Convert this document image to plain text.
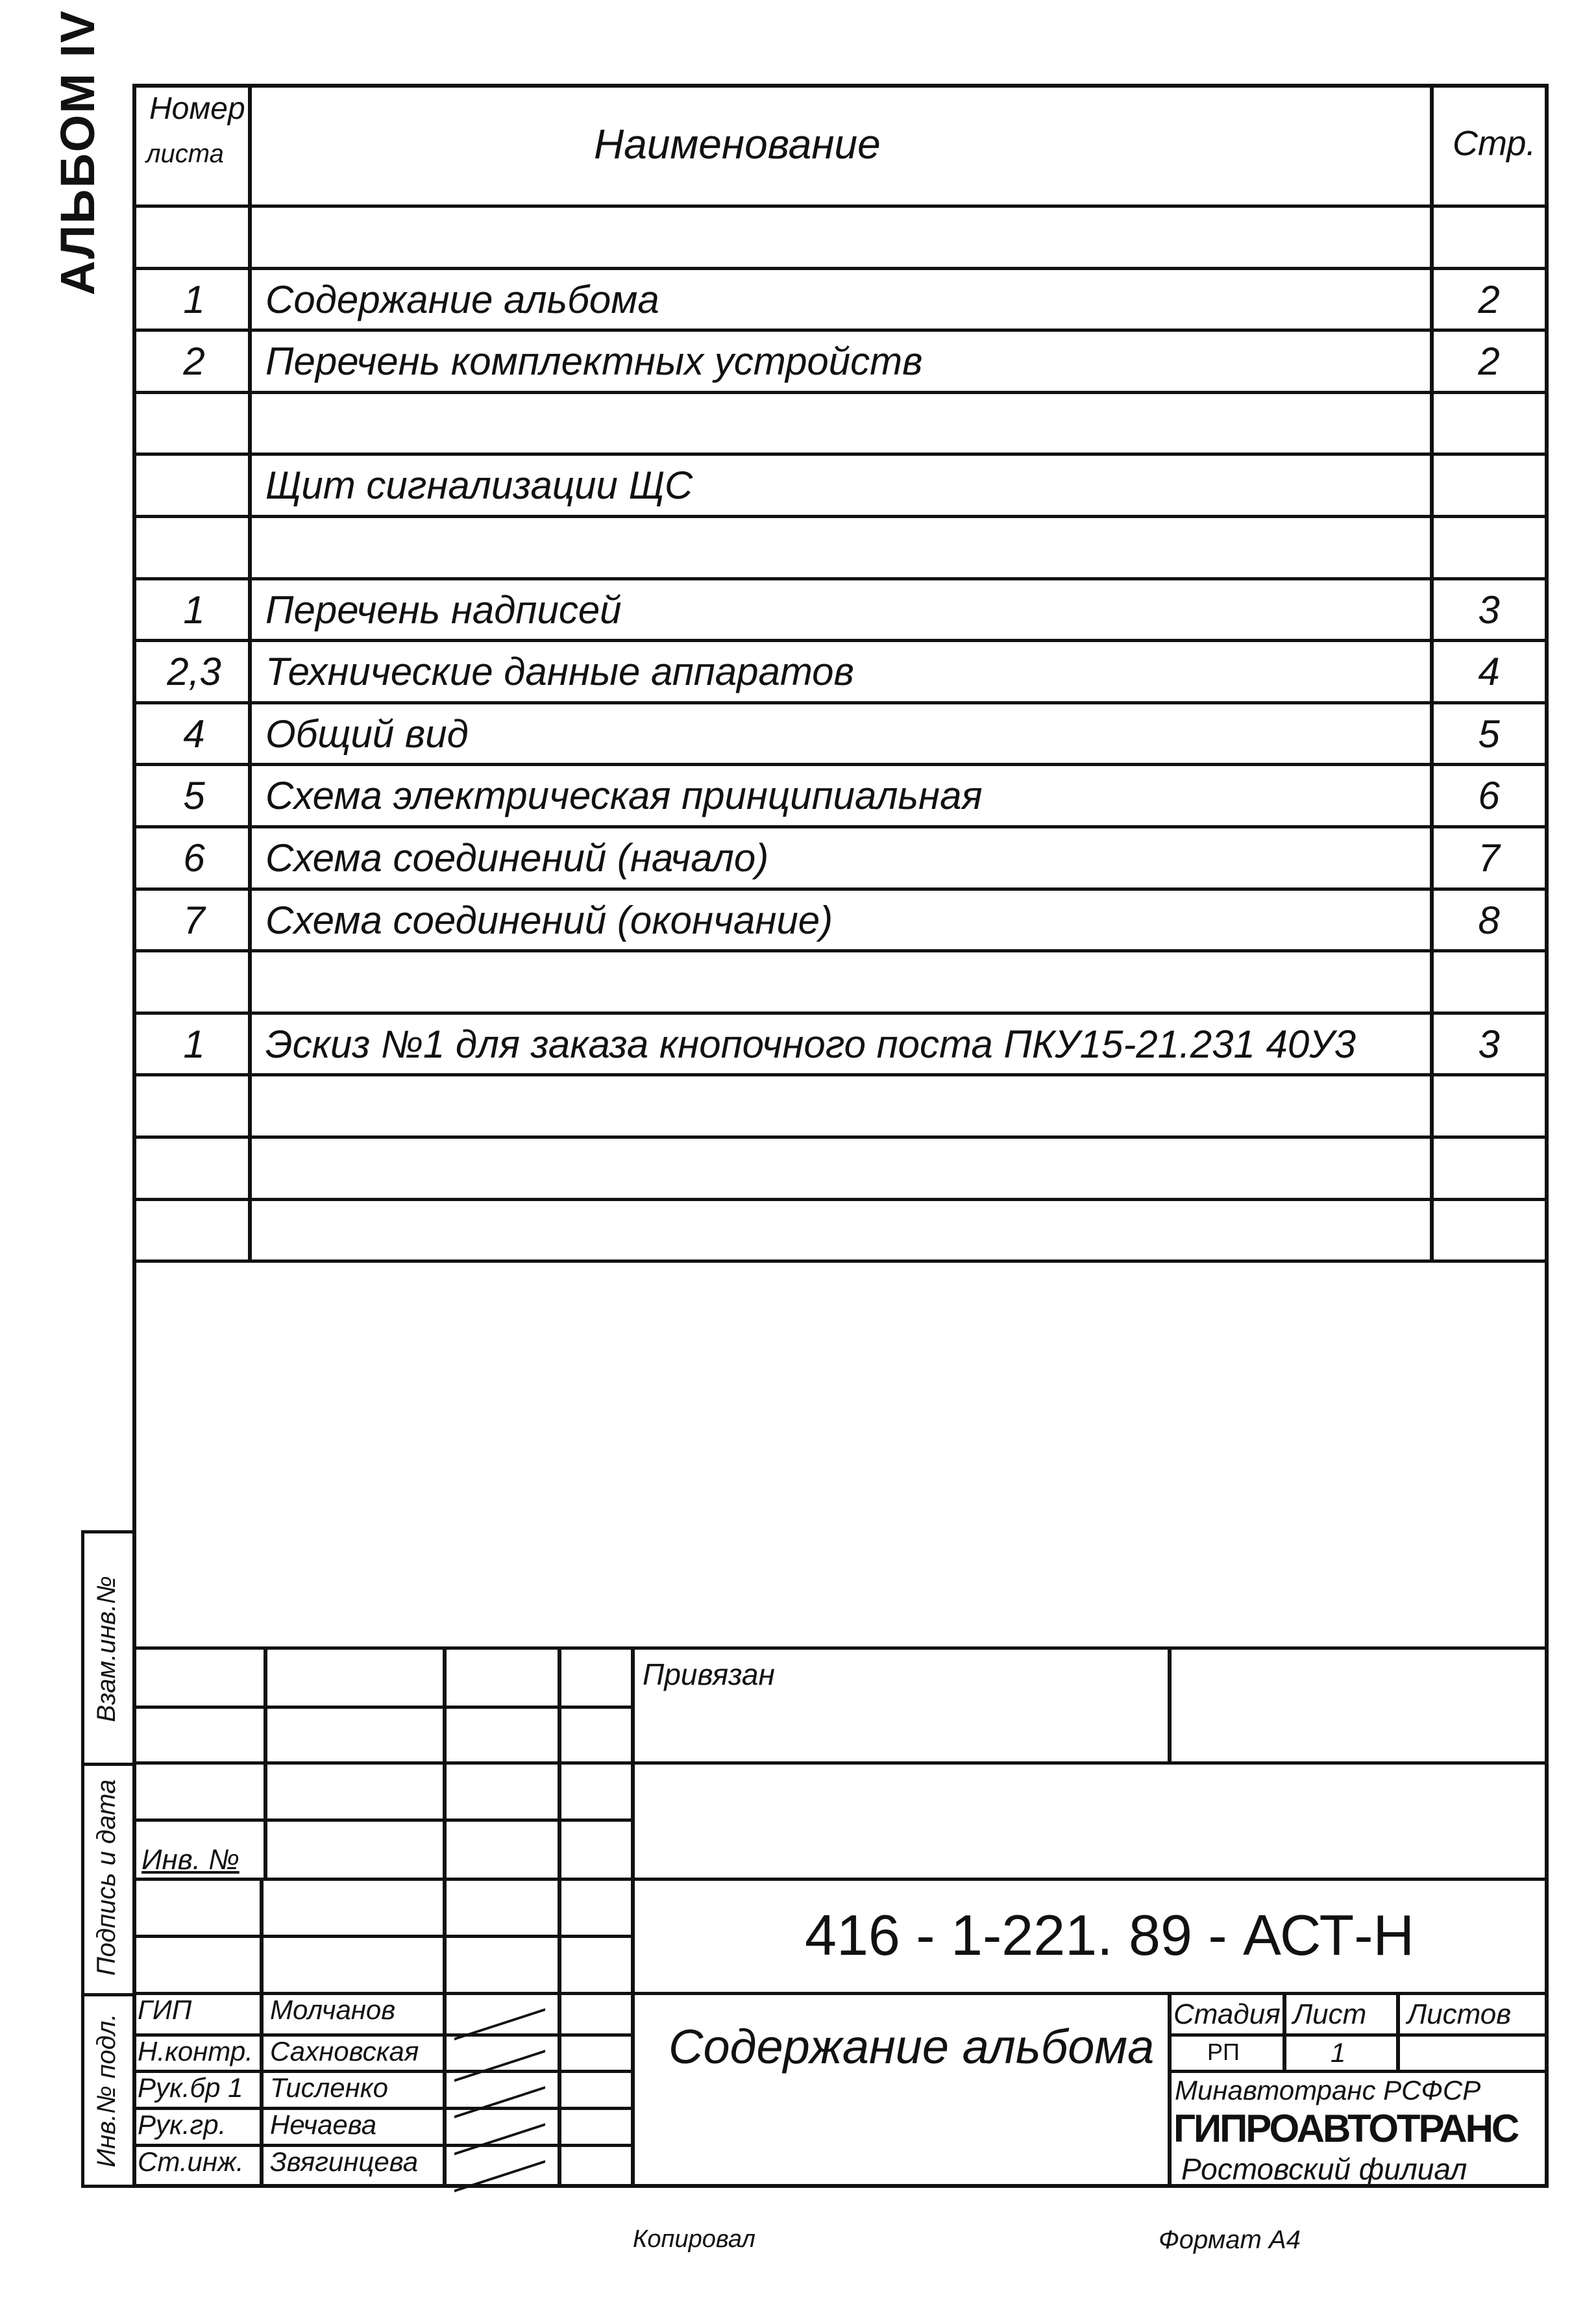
АЛЬБОМ IV Номер
листа	Наименование	Стр.
1	Содержание альбома	2
2	Перечень комплектных устройств	2
Щит сигнализации ЩС
1	Перечень надписей	3
2,3	Технические данные аппаратов	4
4	Общий вид	5
5	Схема электрическая принципиальная	6
6	Схема соединений (начало)	7
7	Схема соединений (окончание)	8
1	Эскиз №1 для заказа кнопочного поста ПКУ15-21.231 40У3	3
Взам.инв.№
Подпись и дата
Инв.№ подл.
Привязан
Инв. №
416 - 1-221. 89 - АСТ-Н
Содержание альбома
Стадия Лист Листов
РП	1
Минавтотранс РСФСР
ГИПРОАВТОТРАНС
Ростовский филиал
ГИП	Молчанов
Н.контр. Сахновская
Рук.бр 1 Тисленко
Рук.гр. Нечаева
Ст.инж. Звягинцева
Копировал	Формат А4
